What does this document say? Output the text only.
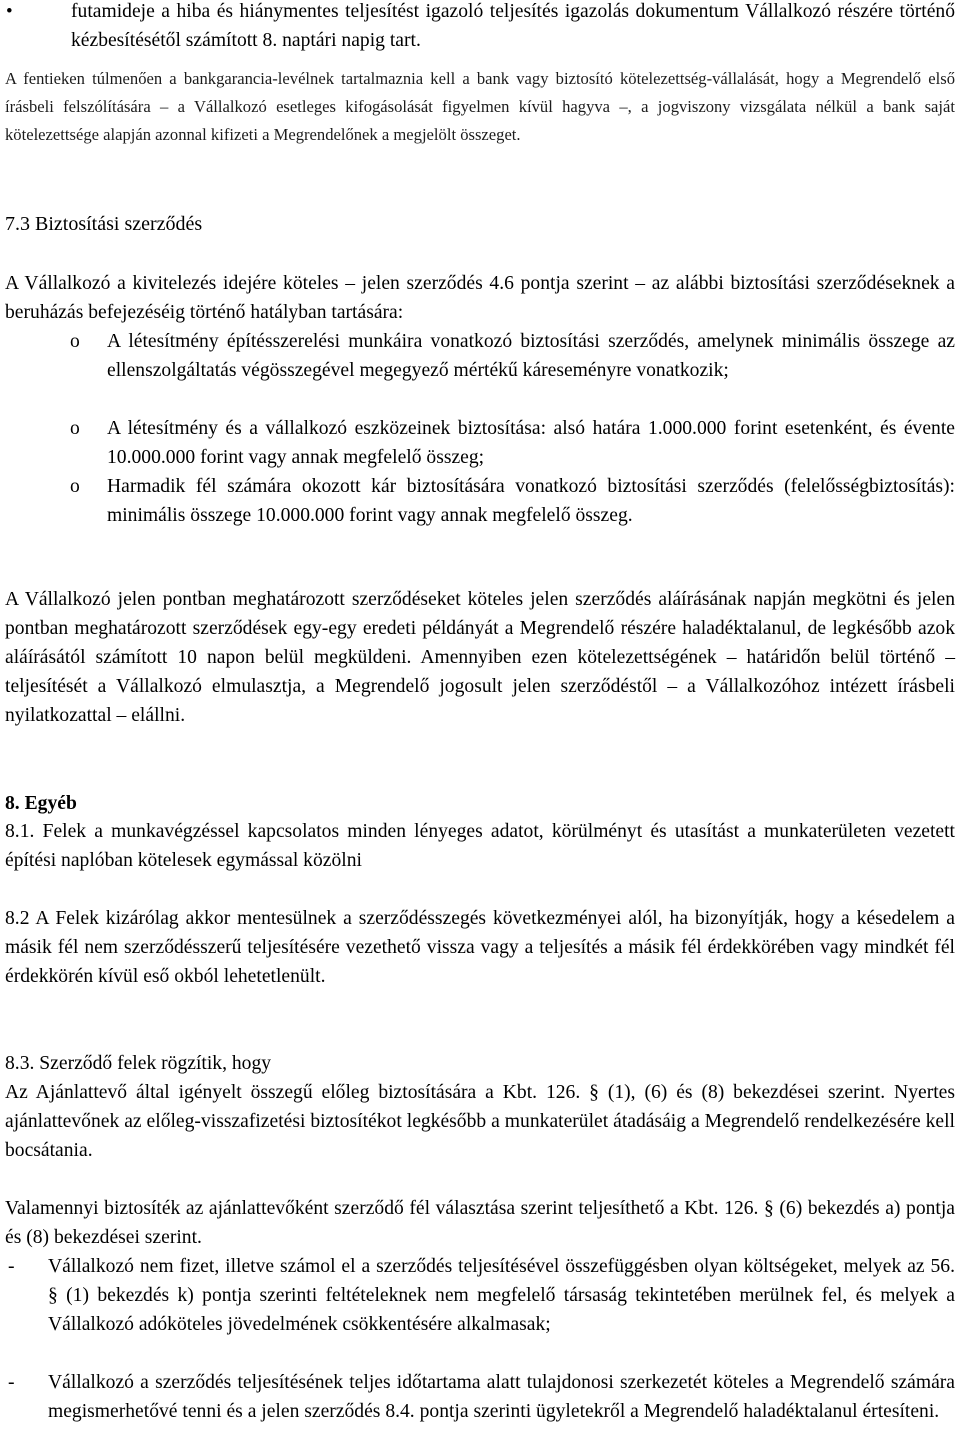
•	futamideje a hiba és hiánymentes teljesítést igazoló teljesítés igazolás dokumentum Vállalkozó részére történő kézbesítésétől számított 8. naptári napig tart.

A fentieken túlmenően a bankgarancia-levélnek tartalmaznia kell a bank vagy biztosító kötelezettség-vállalását, hogy a Megrendelő első írásbeli felszólítására – a Vállalkozó esetleges kifogásolását figyelmen kívül hagyva –, a jogviszony vizsgálata nélkül a bank saját kötelezettsége alapján azonnal kifizeti a Megrendelőnek a megjelölt összeget.

7.3 Biztosítási szerződés

A Vállalkozó a kivitelezés idejére köteles – jelen szerződés 4.6 pontja szerint – az alábbi biztosítási szerződéseknek a beruházás befejezéséig történő hatályban tartására:

o	A létesítmény építésszerelési munkáira vonatkozó biztosítási szerződés, amelynek minimális összege az ellenszolgáltatás végösszegével megegyező mértékű káreseményre vonatkozik;

o	A létesítmény és a vállalkozó eszközeinek biztosítása: alsó határa 1.000.000 forint esetenként, és évente 10.000.000 forint vagy annak megfelelő összeg;

o	Harmadik fél számára okozott kár biztosítására vonatkozó biztosítási szerződés (felelősségbiztosítás): minimális összege 10.000.000 forint vagy annak megfelelő összeg.

A Vállalkozó jelen pontban meghatározott szerződéseket köteles jelen szerződés aláírásának napján megkötni és jelen pontban meghatározott szerződések egy-egy eredeti példányát a Megrendelő részére haladéktalanul, de legkésőbb azok aláírásától számított 10 napon belül megküldeni. Amennyiben ezen kötelezettségének – határidőn belül történő – teljesítését a Vállalkozó elmulasztja, a Megrendelő jogosult jelen szerződéstől – a Vállalkozóhoz intézett írásbeli nyilatkozattal – elállni.

8. Egyéb

8.1. Felek a munkavégzéssel kapcsolatos minden lényeges adatot, körülményt és utasítást a munkaterületen vezetett építési naplóban kötelesek egymással közölni

8.2 A Felek kizárólag akkor mentesülnek a szerződésszegés következményei alól, ha bizonyítják, hogy a késedelem a másik fél nem szerződésszerű teljesítésére vezethető vissza vagy a teljesítés a másik fél érdekkörében vagy mindkét fél érdekkörén kívül eső okból lehetetlenült.

8.3. Szerződő felek rögzítik, hogy

Az Ajánlattevő által igényelt összegű előleg biztosítására a Kbt. 126. § (1), (6) és (8) bekezdései szerint. Nyertes ajánlattevőnek az előleg-visszafizetési biztosítékot legkésőbb a munkaterület átadásáig a Megrendelő rendelkezésére kell bocsátania.

Valamennyi biztosíték az ajánlattevőként szerződő fél választása szerint teljesíthető a Kbt. 126. § (6) bekezdés a) pontja és (8) bekezdései szerint.

-	Vállalkozó nem fizet, illetve számol el a szerződés teljesítésével összefüggésben olyan költségeket, melyek az 56. § (1) bekezdés k) pontja szerinti feltételeknek nem megfelelő társaság tekintetében merülnek fel, és melyek a Vállalkozó adóköteles jövedelmének csökkentésére alkalmasak;

-	Vállalkozó a szerződés teljesítésének teljes időtartama alatt tulajdonosi szerkezetét köteles a Megrendelő számára megismerhetővé tenni és a jelen szerződés 8.4. pontja szerinti ügyletekről a Megrendelő haladéktalanul értesíteni.
